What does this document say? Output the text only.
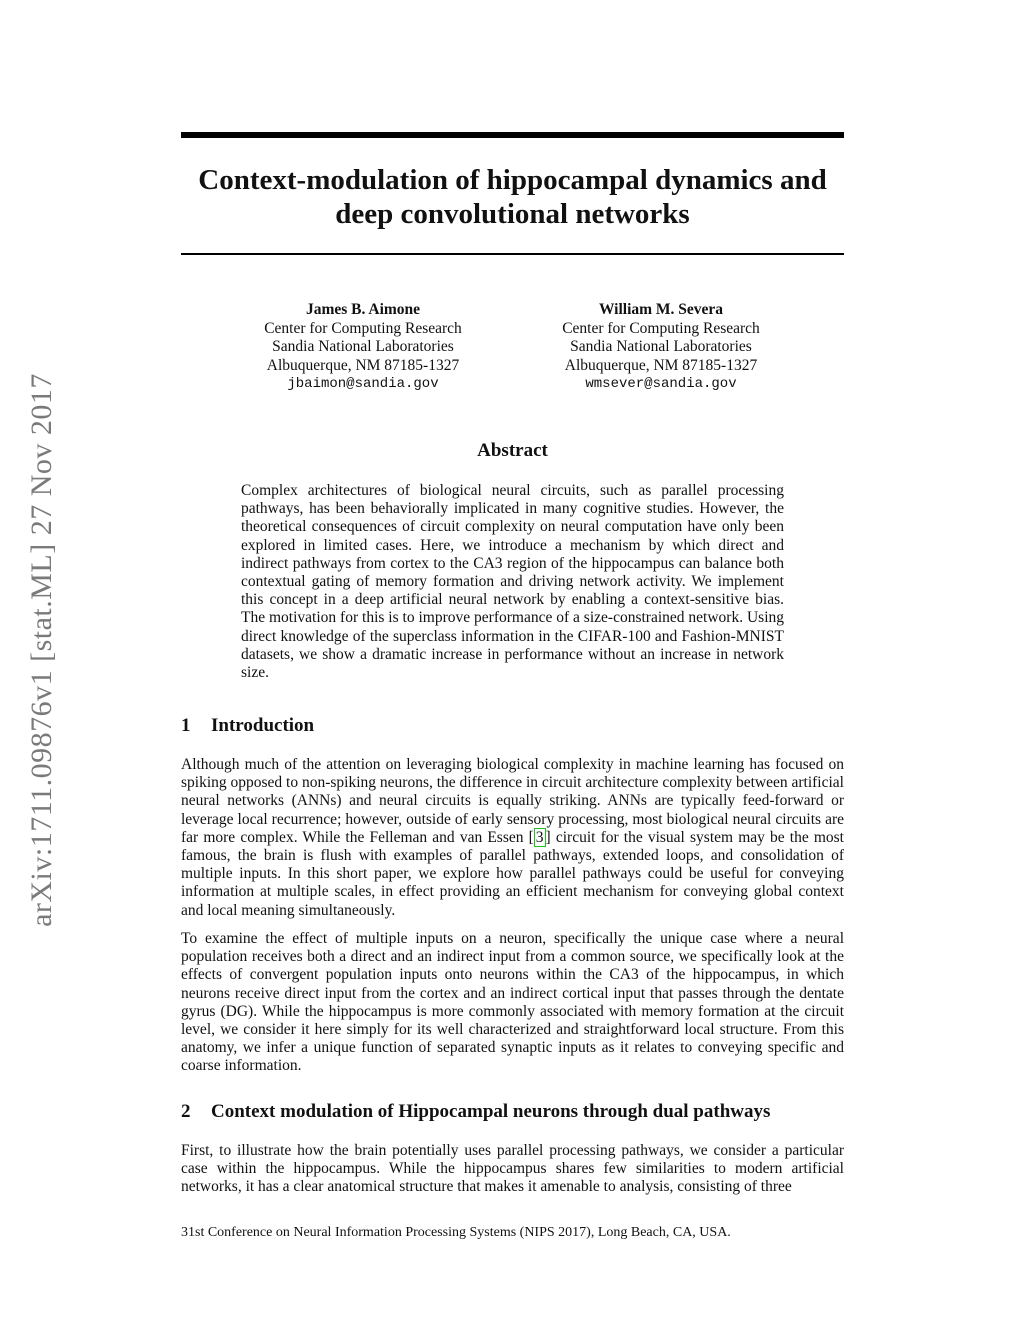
arXiv:1711.09876v1 [stat.ML] 27 Nov 2017
Context-modulation of hippocampal dynamics and deep convolutional networks
James B. Aimone
Center for Computing Research
Sandia National Laboratories
Albuquerque, NM 87185-1327
jbaimon@sandia.gov
William M. Severa
Center for Computing Research
Sandia National Laboratories
Albuquerque, NM 87185-1327
wmsever@sandia.gov
Abstract
Complex architectures of biological neural circuits, such as parallel processing pathways, has been behaviorally implicated in many cognitive studies. However, the theoretical consequences of circuit complexity on neural computation have only been explored in limited cases. Here, we introduce a mechanism by which direct and indirect pathways from cortex to the CA3 region of the hippocampus can balance both contextual gating of memory formation and driving network activity. We implement this concept in a deep artificial neural network by enabling a context-sensitive bias. The motivation for this is to improve performance of a size-constrained network. Using direct knowledge of the superclass information in the CIFAR-100 and Fashion-MNIST datasets, we show a dramatic increase in performance without an increase in network size.
1 Introduction

Although much of the attention on leveraging biological complexity in machine learning has focused on spiking opposed to non-spiking neurons, the difference in circuit architecture complexity between artificial neural networks (ANNs) and neural circuits is equally striking. ANNs are typically feed-forward or leverage local recurrence; however, outside of early sensory processing, most biological neural circuits are far more complex. While the Felleman and van Essen [ 3 ] circuit for the visual system may be the most famous, the brain is flush with examples of parallel pathways, extended loops, and consolidation of multiple inputs. In this short paper, we explore how parallel pathways could be useful for conveying information at multiple scales, in effect providing an efficient mechanism for conveying global context and local meaning simultaneously.

To examine the effect of multiple inputs on a neuron, specifically the unique case where a neural population receives both a direct and an indirect input from a common source, we specifically look at the effects of convergent population inputs onto neurons within the CA3 of the hippocampus, in which neurons receive direct input from the cortex and an indirect cortical input that passes through the dentate gyrus (DG). While the hippocampus is more commonly associated with memory formation at the circuit level, we consider it here simply for its well characterized and straightforward local structure. From this anatomy, we infer a unique function of separated synaptic inputs as it relates to conveying specific and coarse information.

2 Context modulation of Hippocampal neurons through dual pathways

First, to illustrate how the brain potentially uses parallel processing pathways, we consider a particular case within the hippocampus. While the hippocampus shares few similarities to modern artificial networks, it has a clear anatomical structure that makes it amenable to analysis, consisting of three

31st Conference on Neural Information Processing Systems (NIPS 2017), Long Beach, CA, USA.
